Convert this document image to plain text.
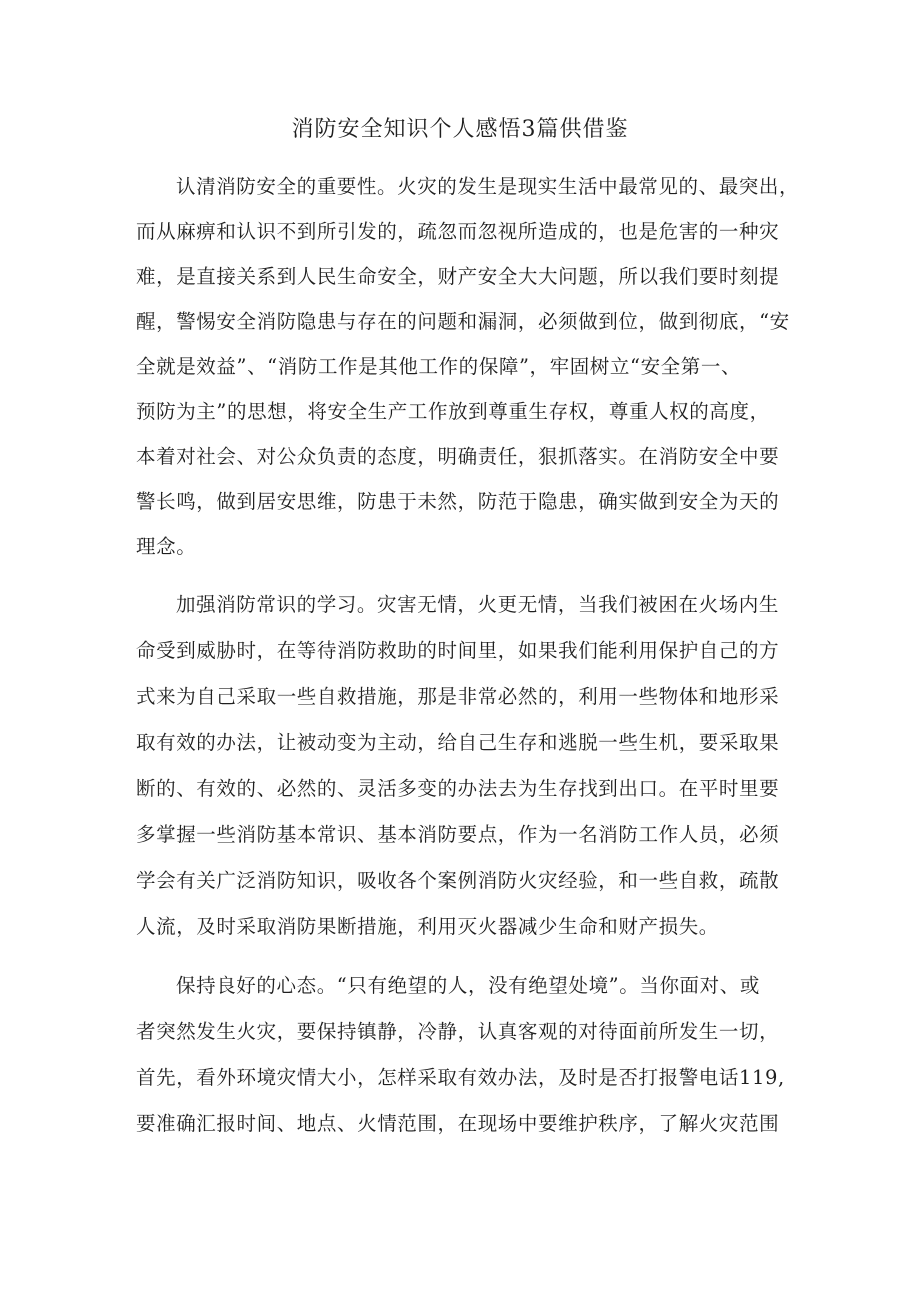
消防安全知识个人感悟3篇供借鉴
认清消防安全的重要性。火灾的发生是现实生活中最常见的、最突出，
而从麻痹和认识不到所引发的，疏忽而忽视所造成的，也是危害的一种灾
难，是直接关系到人民生命安全，财产安全大大问题，所以我们要时刻提
醒，警惕安全消防隐患与存在的问题和漏洞，必须做到位，做到彻底，“安
全就是效益”、“消防工作是其他工作的保障”，牢固树立“安全第一、
预防为主”的思想，将安全生产工作放到尊重生存权，尊重人权的高度，
本着对社会、对公众负责的态度，明确责任，狠抓落实。在消防安全中要
警长鸣，做到居安思维，防患于未然，防范于隐患，确实做到安全为天的
理念。
加强消防常识的学习。灾害无情，火更无情，当我们被困在火场内生
命受到威胁时，在等待消防救助的时间里，如果我们能利用保护自己的方
式来为自己采取一些自救措施，那是非常必然的，利用一些物体和地形采
取有效的办法，让被动变为主动，给自己生存和逃脱一些生机，要采取果
断的、有效的、必然的、灵活多变的办法去为生存找到出口。在平时里要
多掌握一些消防基本常识、基本消防要点，作为一名消防工作人员，必须
学会有关广泛消防知识，吸收各个案例消防火灾经验，和一些自救，疏散
人流，及时采取消防果断措施，利用灭火器减少生命和财产损失。
保持良好的心态。“只有绝望的人，没有绝望处境”。当你面对、或
者突然发生火灾，要保持镇静，冷静，认真客观的对待面前所发生一切，
首先，看外环境灾情大小，怎样采取有效办法，及时是否打报警电话119,
要准确汇报时间、地点、火情范围，在现场中要维护秩序，了解火灾范围
